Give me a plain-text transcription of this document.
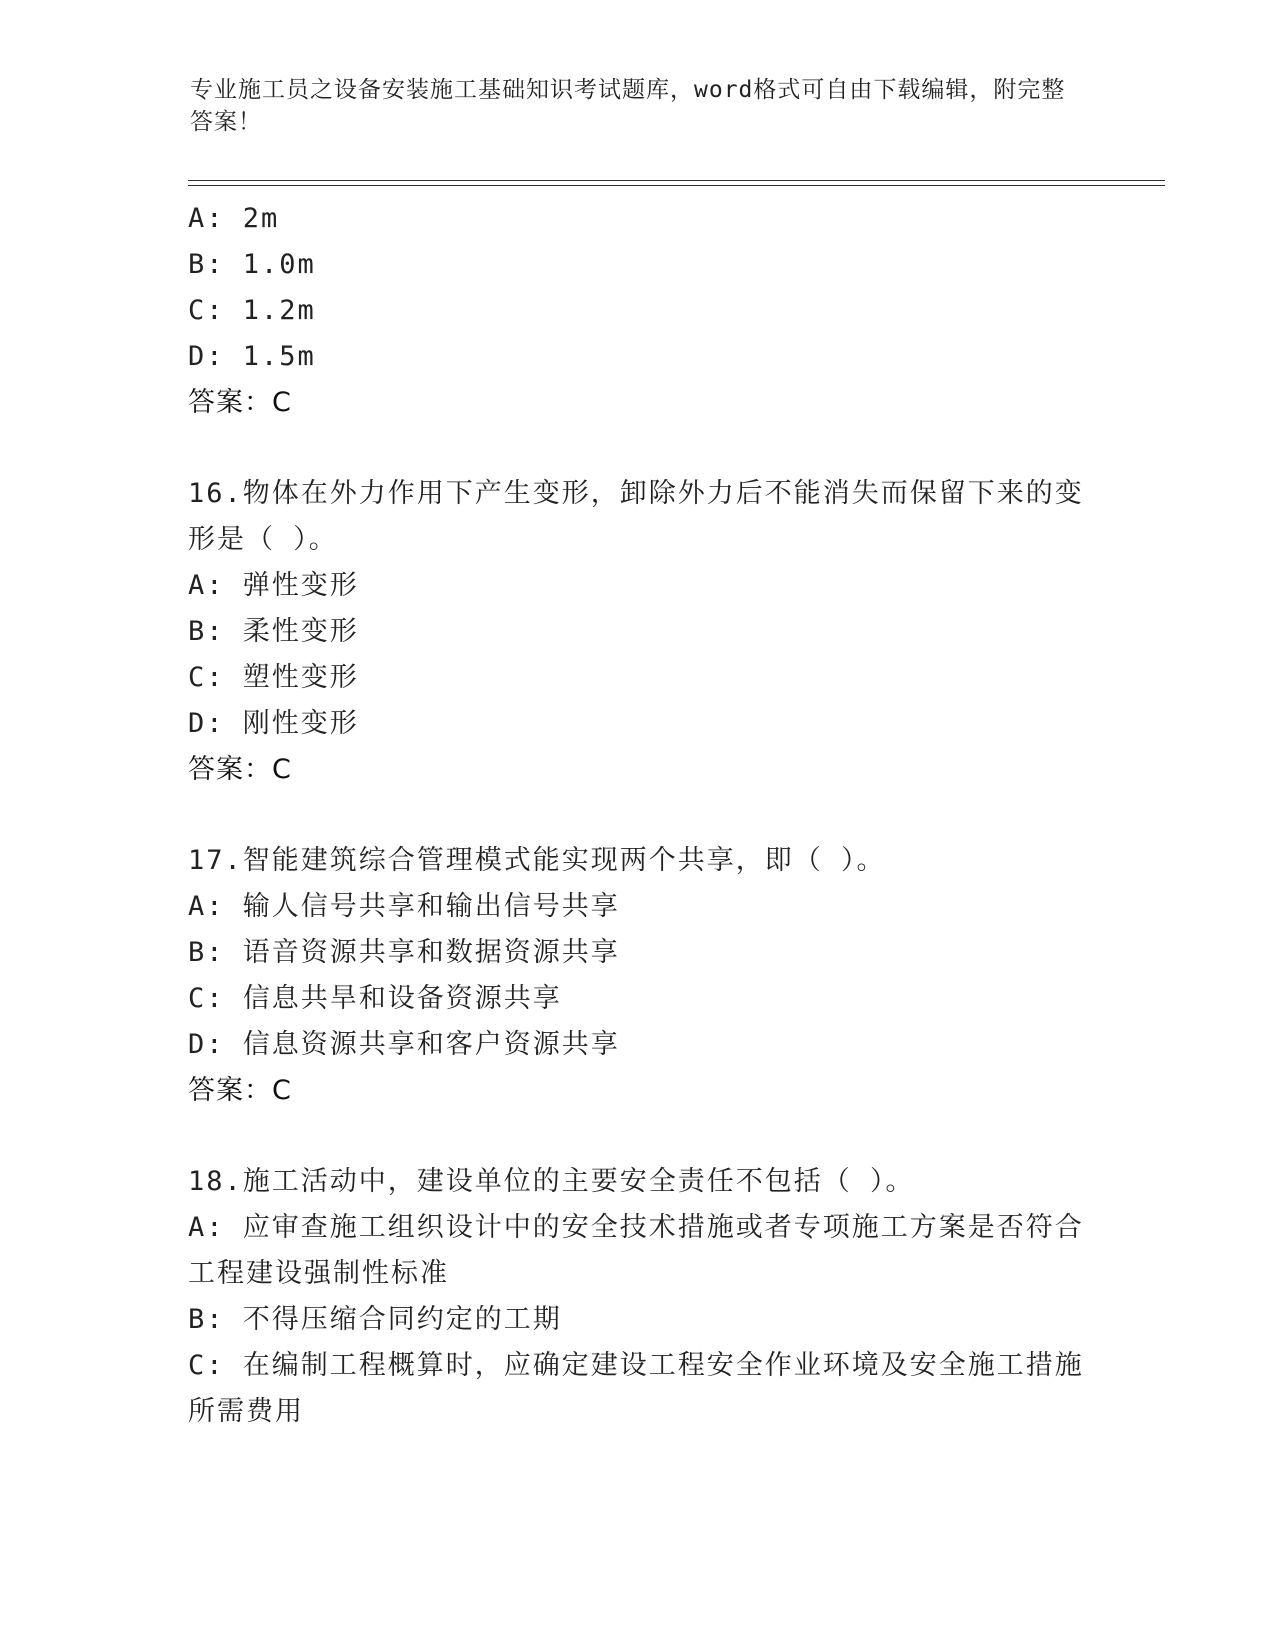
专业施工员之设备安装施工基础知识考试题库，word格式可自由下载编辑，附完整答案！
A: 2m
B: 1.0m
C: 1.2m
D: 1.5m
答案：C
16.物体在外力作用下产生变形，卸除外力后不能消失而保留下来的变形是（ ）。
A: 弹性变形
B: 柔性变形
C: 塑性变形
D: 刚性变形
答案：C
17.智能建筑综合管理模式能实现两个共享，即（ ）。
A: 输人信号共享和输出信号共享
B: 语音资源共享和数据资源共享
C: 信息共旱和设备资源共享
D: 信息资源共享和客户资源共享
答案：C
18.施工活动中，建设单位的主要安全责任不包括（ ）。
A: 应审查施工组织设计中的安全技术措施或者专项施工方案是否符合工程建设强制性标准
B: 不得压缩合同约定的工期
C: 在编制工程概算时，应确定建设工程安全作业环境及安全施工措施所需费用
